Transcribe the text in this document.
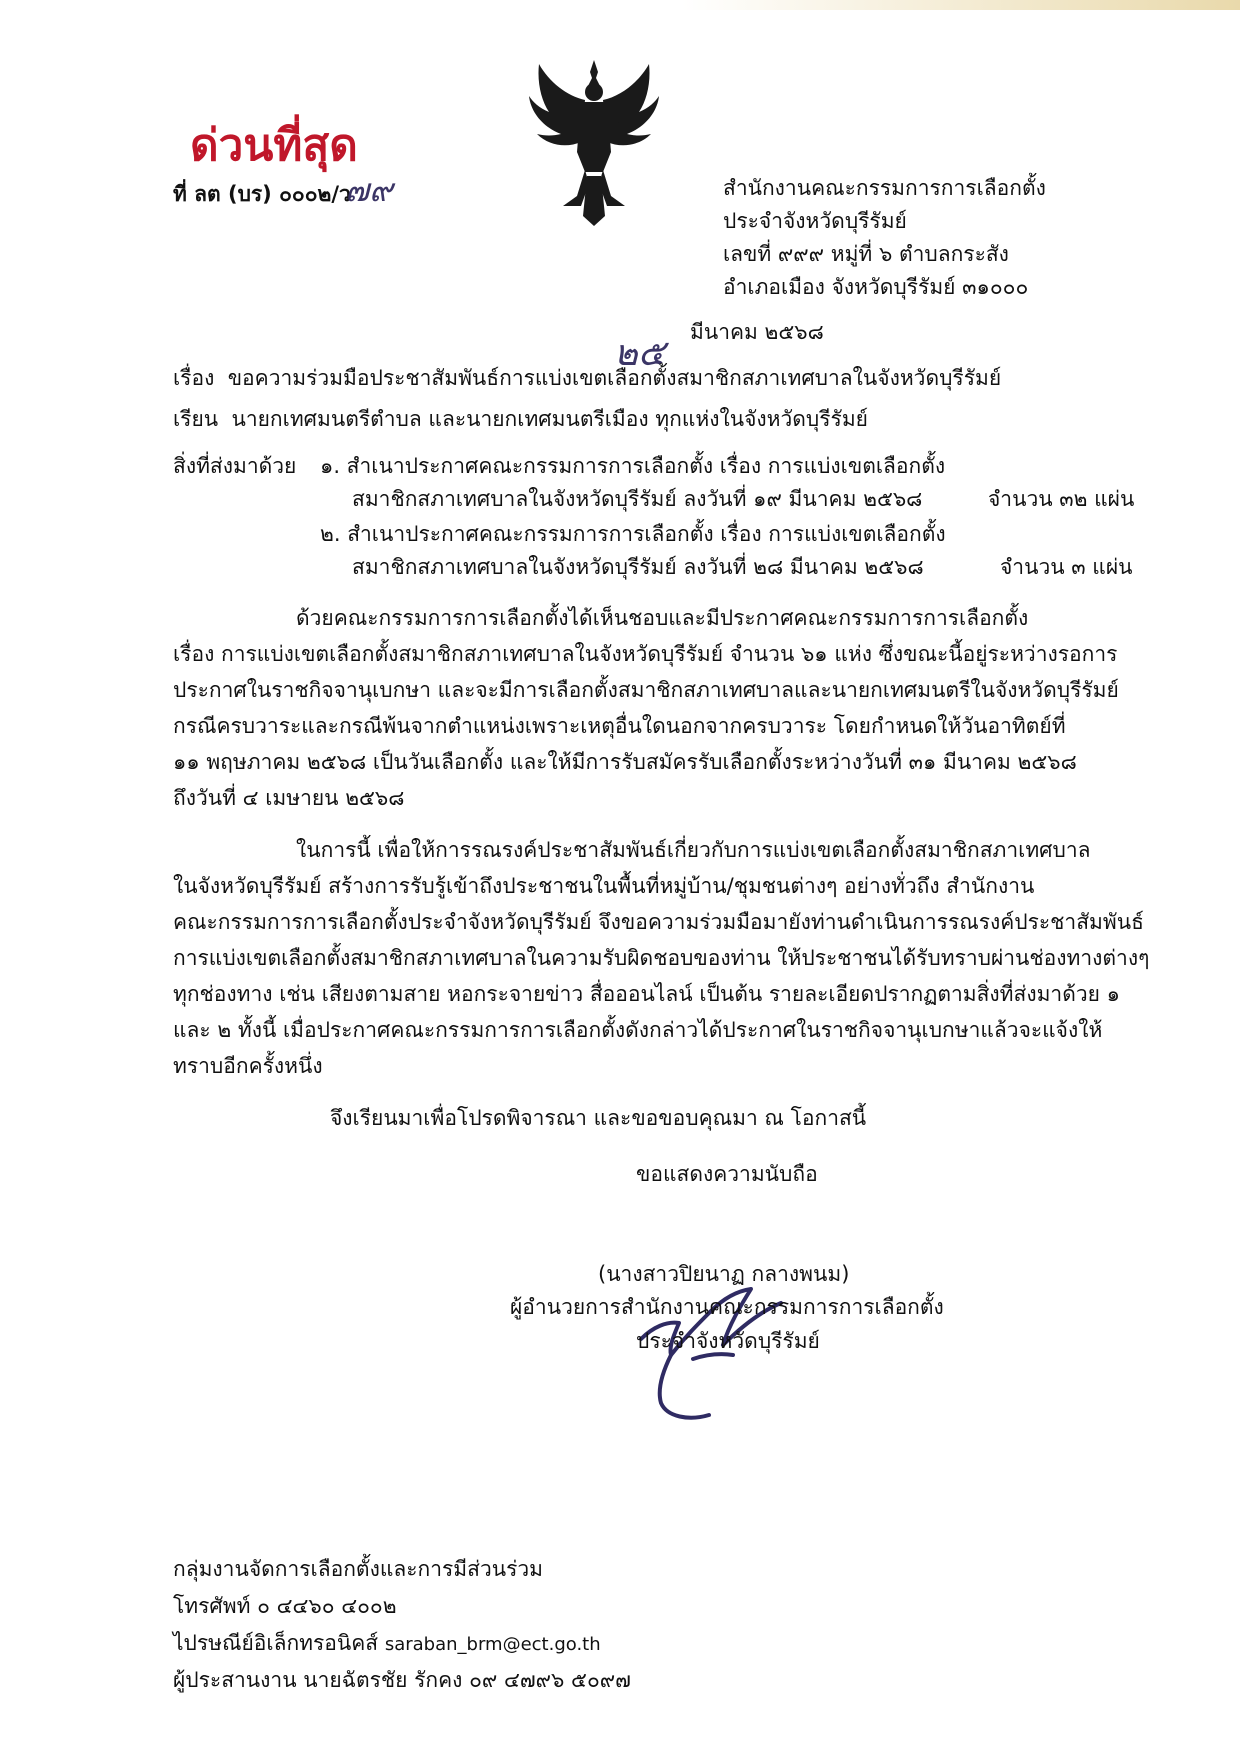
ด่วนที่สุด
ที่ ลต (บร) ๐๐๐๒/ว
๗๙	สำนักงานคณะกรรมการการเลือกตั้ง
ประจำจังหวัดบุรีรัมย์
เลขที่ ๙๙๙ หมู่ที่ ๖ ตำบลกระสัง
อำเภอเมือง จังหวัดบุรีรัมย์ ๓๑๐๐๐
๒๕
มีนาคม ๒๕๖๘
เรื่อง ขอความร่วมมือประชาสัมพันธ์การแบ่งเขตเลือกตั้งสมาชิกสภาเทศบาลในจังหวัดบุรีรัมย์
เรียน นายกเทศมนตรีตำบล และนายกเทศมนตรีเมือง ทุกแห่งในจังหวัดบุรีรัมย์
สิ่งที่ส่งมาด้วย ๑. สำเนาประกาศคณะกรรมการการเลือกตั้ง เรื่อง การแบ่งเขตเลือกตั้ง
สมาชิกสภาเทศบาลในจังหวัดบุรีรัมย์ ลงวันที่ ๑๙ มีนาคม ๒๕๖๘	จำนวน ๓๒ แผ่น
๒. สำเนาประกาศคณะกรรมการการเลือกตั้ง เรื่อง การแบ่งเขตเลือกตั้ง
สมาชิกสภาเทศบาลในจังหวัดบุรีรัมย์ ลงวันที่ ๒๘ มีนาคม ๒๕๖๘	จำนวน ๓ แผ่น
ด้วยคณะกรรมการการเลือกตั้งได้เห็นชอบและมีประกาศคณะกรรมการการเลือกตั้ง
เรื่อง การแบ่งเขตเลือกตั้งสมาชิกสภาเทศบาลในจังหวัดบุรีรัมย์ จำนวน ๖๑ แห่ง ซึ่งขณะนี้อยู่ระหว่างรอการ
ประกาศในราชกิจจานุเบกษา และจะมีการเลือกตั้งสมาชิกสภาเทศบาลและนายกเทศมนตรีในจังหวัดบุรีรัมย์
กรณีครบวาระและกรณีพ้นจากตำแหน่งเพราะเหตุอื่นใดนอกจากครบวาระ โดยกำหนดให้วันอาทิตย์ที่
๑๑ พฤษภาคม ๒๕๖๘ เป็นวันเลือกตั้ง และให้มีการรับสมัครรับเลือกตั้งระหว่างวันที่ ๓๑ มีนาคม ๒๕๖๘
ถึงวันที่ ๔ เมษายน ๒๕๖๘
ในการนี้ เพื่อให้การรณรงค์ประชาสัมพันธ์เกี่ยวกับการแบ่งเขตเลือกตั้งสมาชิกสภาเทศบาล
ในจังหวัดบุรีรัมย์ สร้างการรับรู้เข้าถึงประชาชนในพื้นที่หมู่บ้าน/ชุมชนต่างๆ อย่างทั่วถึง สำนักงาน
คณะกรรมการการเลือกตั้งประจำจังหวัดบุรีรัมย์ จึงขอความร่วมมือมายังท่านดำเนินการรณรงค์ประชาสัมพันธ์
การแบ่งเขตเลือกตั้งสมาชิกสภาเทศบาลในความรับผิดชอบของท่าน ให้ประชาชนได้รับทราบผ่านช่องทางต่างๆ
ทุกช่องทาง เช่น เสียงตามสาย หอกระจายข่าว สื่อออนไลน์ เป็นต้น รายละเอียดปรากฏตามสิ่งที่ส่งมาด้วย ๑
และ ๒ ทั้งนี้ เมื่อประกาศคณะกรรมการการเลือกตั้งดังกล่าวได้ประกาศในราชกิจจานุเบกษาแล้วจะแจ้งให้
ทราบอีกครั้งหนึ่ง
จึงเรียนมาเพื่อโปรดพิจารณา และขอขอบคุณมา ณ โอกาสนี้
ขอแสดงความนับถือ
(นางสาวปิยนาฏ กลางพนม)
ผู้อำนวยการสำนักงานคณะกรรมการการเลือกตั้ง
ประจำจังหวัดบุรีรัมย์
กลุ่มงานจัดการเลือกตั้งและการมีส่วนร่วม
โทรศัพท์ ๐ ๔๔๖๐ ๔๐๐๒
ไปรษณีย์อิเล็กทรอนิคส์ saraban_brm@ect.go.th
ผู้ประสานงาน นายฉัตรชัย รักคง ๐๙ ๔๗๙๖ ๕๐๙๗
